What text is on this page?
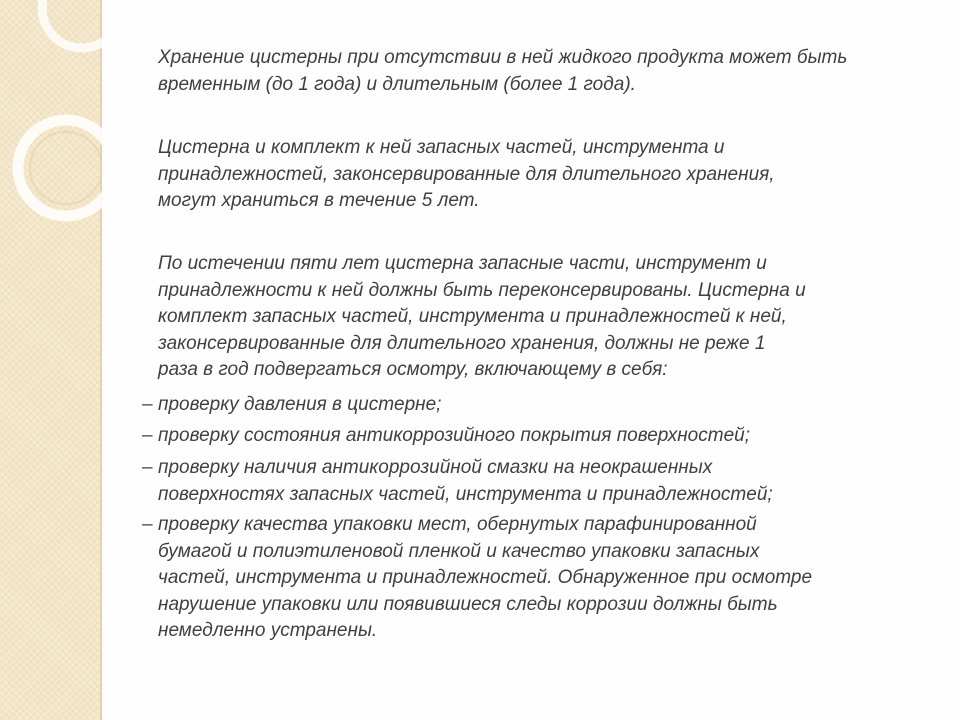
Хранение цистерны при отсутствии в ней жидкого продукта может быть
временным (до 1 года) и длительным (более 1 года).
Цистерна и комплект к ней запасных частей, инструмента и
принадлежностей, законсервированные для длительного хранения,
могут храниться в течение 5 лет.
По истечении пяти лет цистерна запасные части, инструмент и
принадлежности к ней должны быть переконсервированы. Цистерна и
комплект запасных частей, инструмента и принадлежностей к ней,
законсервированные для длительного хранения, должны не реже 1
раза в год подвергаться осмотру, включающему в себя:
– проверку давления в цистерне;
– проверку состояния антикоррозийного покрытия поверхностей;
– проверку наличия антикоррозийной смазки на неокрашенных
поверхностях запасных частей, инструмента и принадлежностей;
– проверку качества упаковки мест, обернутых парафинированной
бумагой и полиэтиленовой пленкой и качество упаковки запасных
частей, инструмента и принадлежностей. Обнаруженное при осмотре
нарушение упаковки или появившиеся следы коррозии должны быть
немедленно устранены.
